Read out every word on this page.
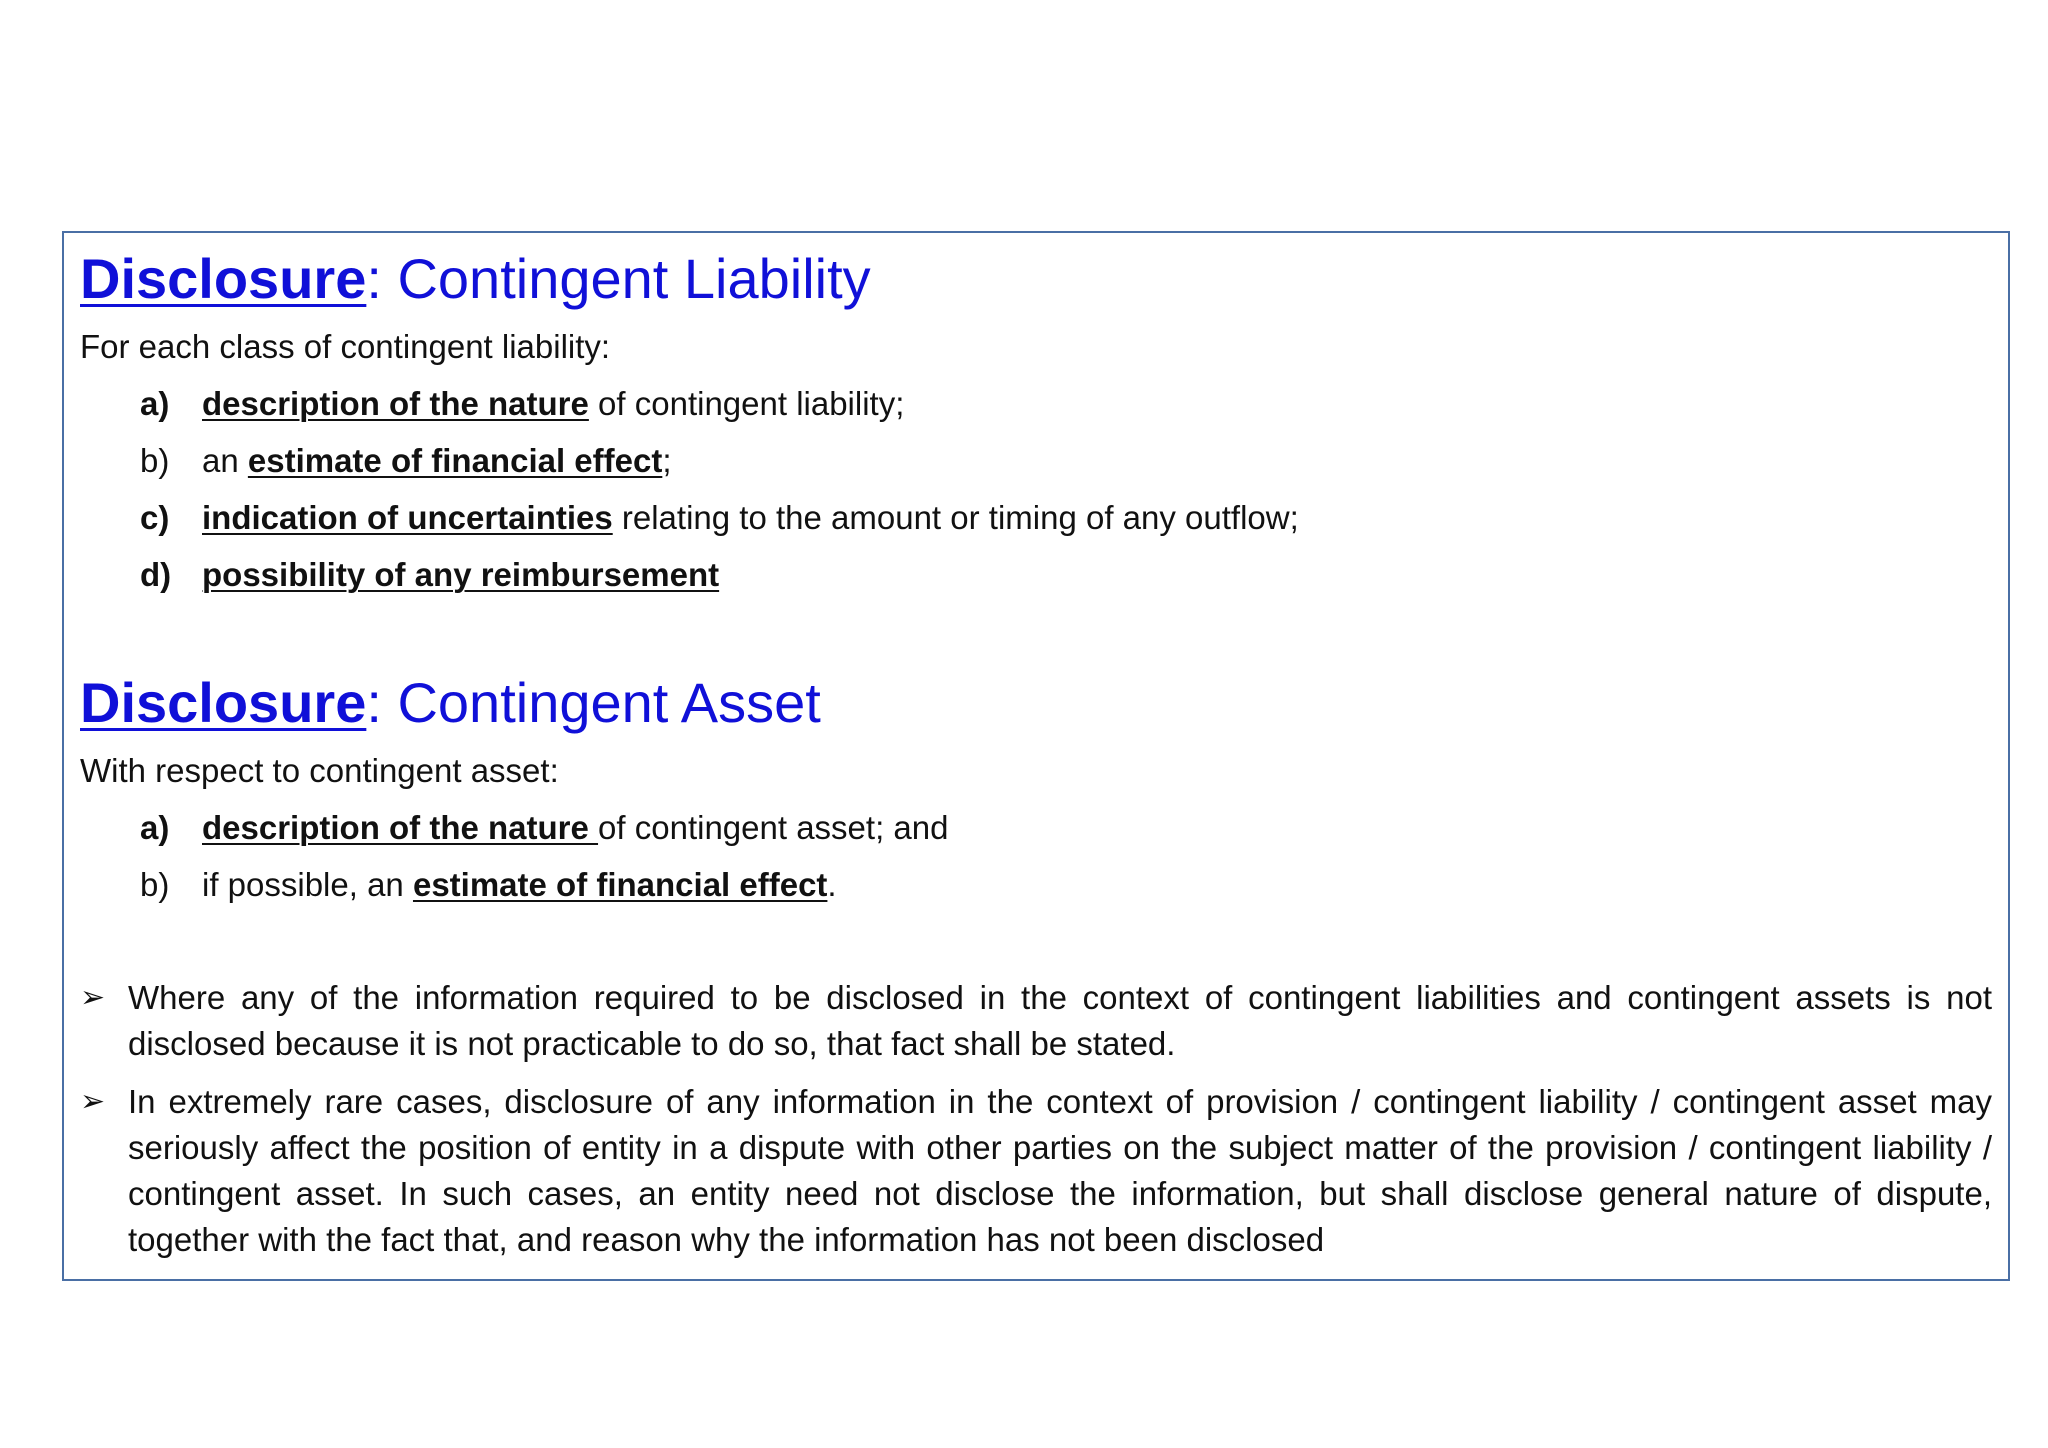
Disclosure: Contingent Liability
For each class of contingent liability:
a) description of the nature of contingent liability;
b) an estimate of financial effect;
c) indication of uncertainties relating to the amount or timing of any outflow;
d) possibility of any reimbursement
Disclosure: Contingent Asset
With respect to contingent asset:
a) description of the nature of contingent asset; and
b) if possible, an estimate of financial effect.
➢ Where any of the information required to be disclosed in the context of contingent liabilities and contingent assets is not disclosed because it is not practicable to do so, that fact shall be stated.
➢ In extremely rare cases, disclosure of any information in the context of provision / contingent liability / contingent asset may seriously affect the position of entity in a dispute with other parties on the subject matter of the provision / contingent liability / contingent asset. In such cases, an entity need not disclose the information, but shall disclose general nature of dispute, together with the fact that, and reason why the information has not been disclosed
